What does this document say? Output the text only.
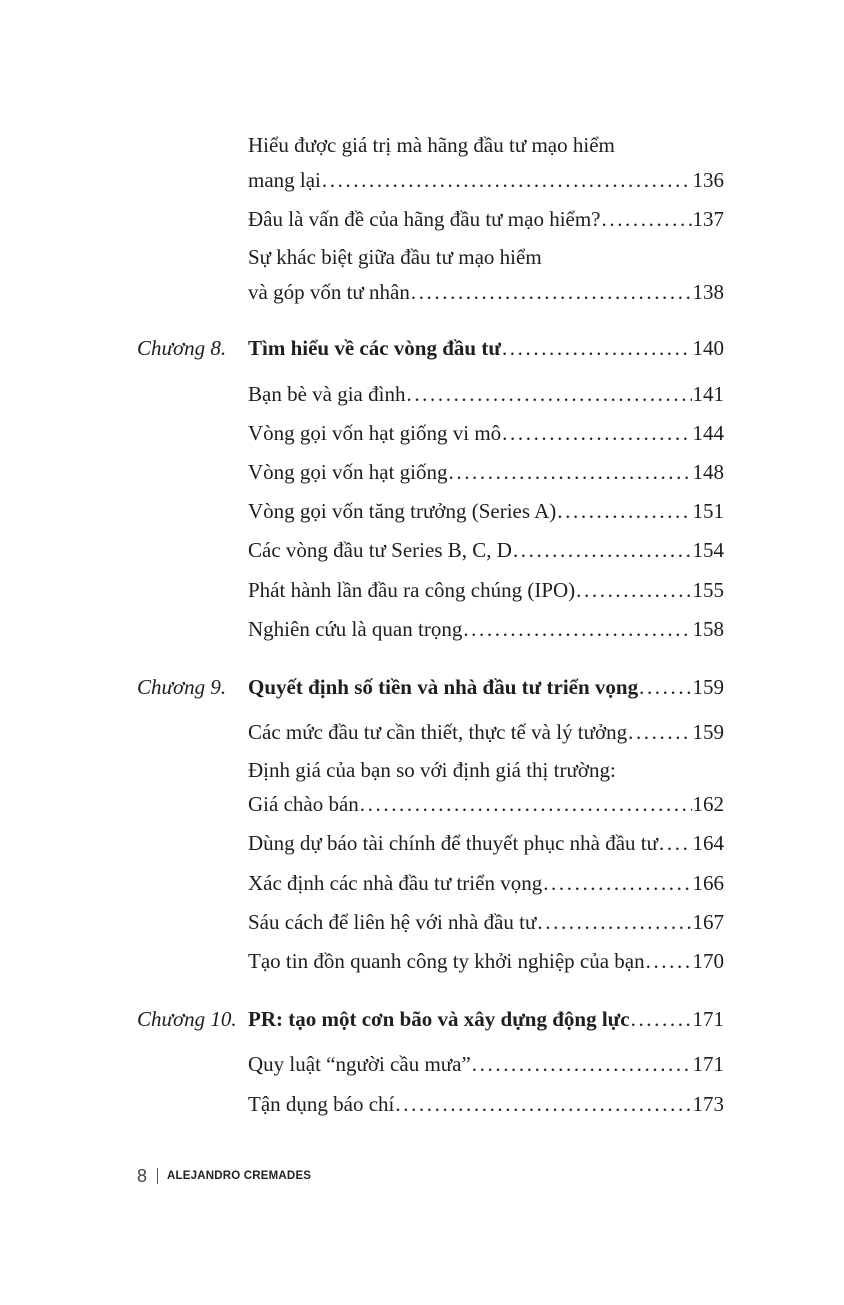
Hiểu được giá trị mà hãng đầu tư mạo hiểm
mang lại .....	136
Đâu là vấn đề của hãng đầu tư mạo hiểm? .....	137
Sự khác biệt giữa đầu tư mạo hiểm
và góp vốn tư nhân .....	138
Chương 8. Tìm hiểu về các vòng đầu tư .....	140
Bạn bè và gia đình .....	141
Vòng gọi vốn hạt giống vi mô .....	144
Vòng gọi vốn hạt giống .....	148
Vòng gọi vốn tăng trưởng (Series A) .....	151
Các vòng đầu tư Series B, C, D .....	154
Phát hành lần đầu ra công chúng (IPO) .....	155
Nghiên cứu là quan trọng .....	158
Chương 9. Quyết định số tiền và nhà đầu tư triển vọng .....	159
Các mức đầu tư cần thiết, thực tế và lý tưởng .....	159
Định giá của bạn so với định giá thị trường:
Giá chào bán .....	162
Dùng dự báo tài chính để thuyết phục nhà đầu tư ..... 164
Xác định các nhà đầu tư triển vọng .....	166
Sáu cách để liên hệ với nhà đầu tư .....	167
Tạo tin đồn quanh công ty khởi nghiệp của bạn ..... 170
Chương 10. PR: tạo một cơn bão và xây dựng động lực .....	171
Quy luật “người cầu mưa” .....	171
Tận dụng báo chí .....	173
8 ALEJANDRO CREMADES
